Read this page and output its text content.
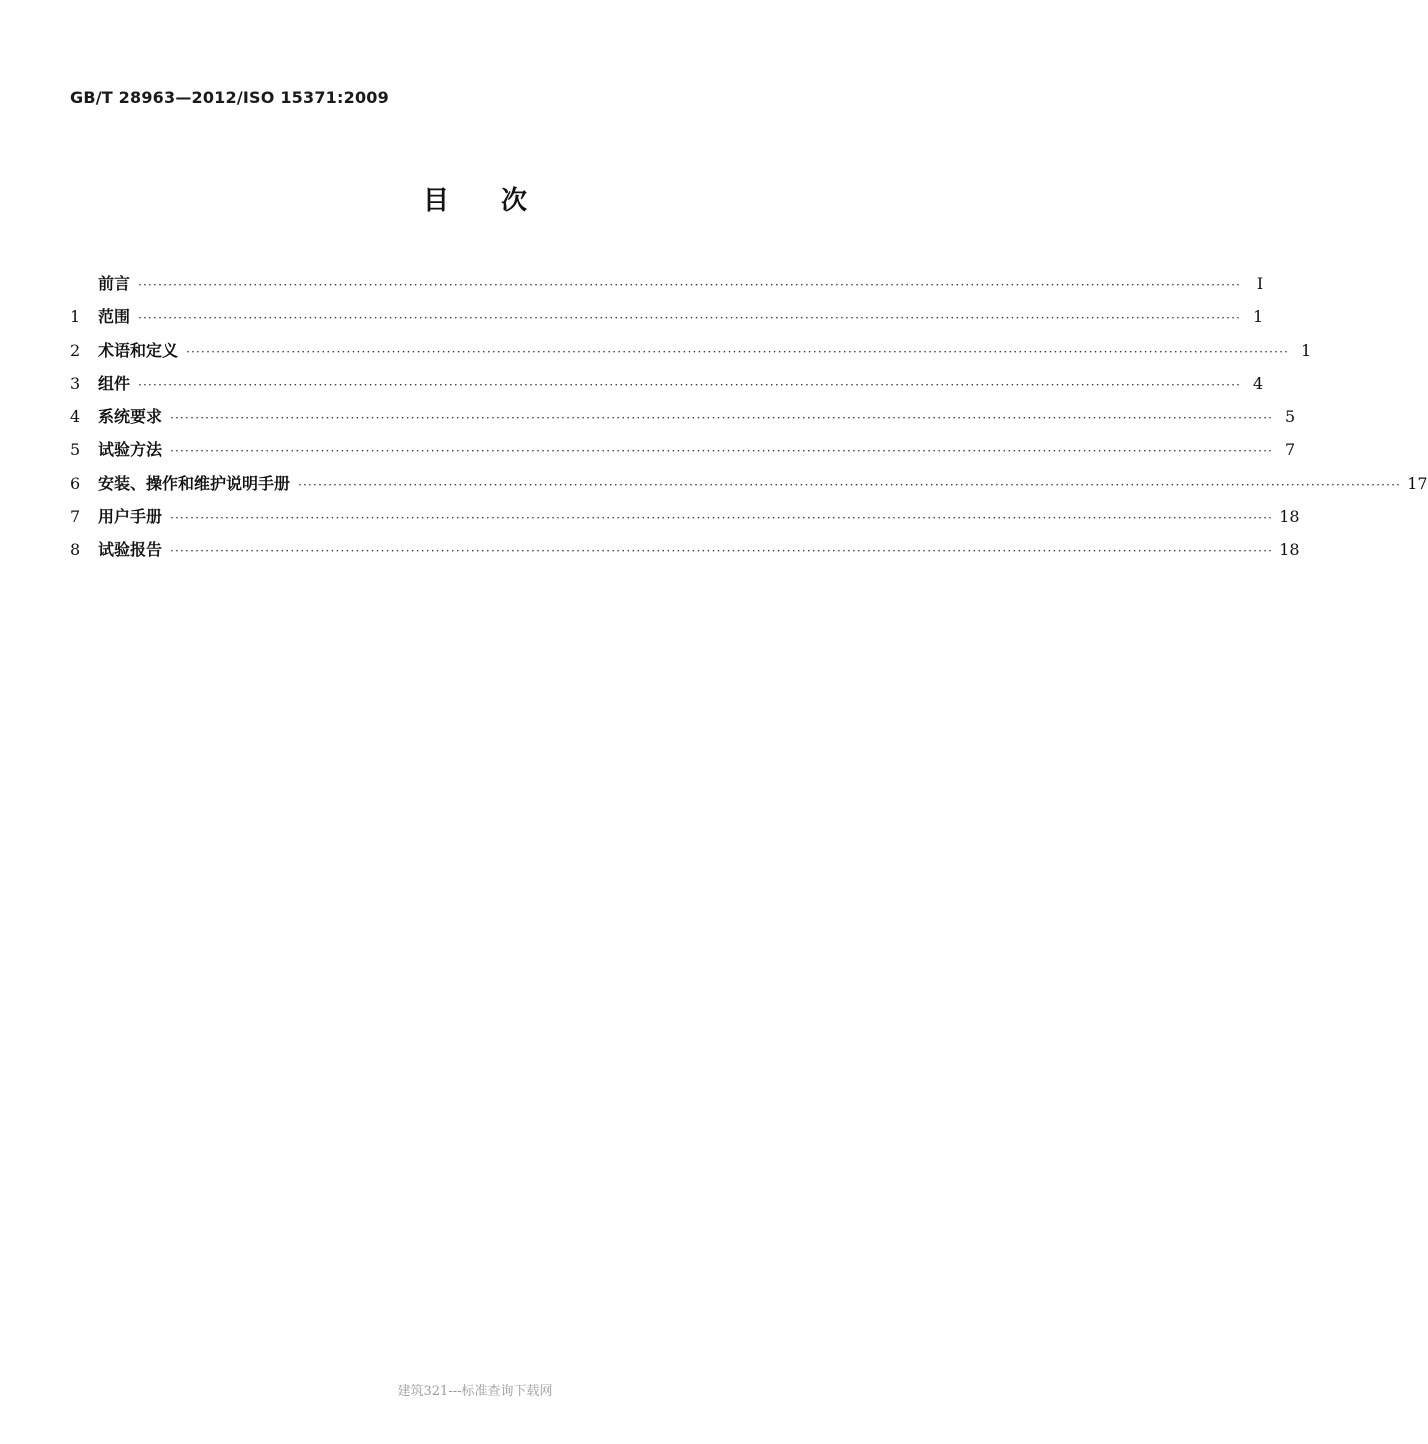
GB/T 28963—2012/ISO 15371:2009
目次
前言 ···························································································································································································································· Ⅰ
1	范围 ···························································································································································································································· 1
2	术语和定义 ···························································································································································································································· 1
3	组件 ···························································································································································································································· 4
4	系统要求 ···························································································································································································································· 5
5	试验方法 ···························································································································································································································· 7
6	安装、操作和维护说明手册 ···························································································································································································································· 17
7	用户手册 ···························································································································································································································· 18
8	试验报告 ···························································································································································································································· 18
建筑321---标准查询下载网
